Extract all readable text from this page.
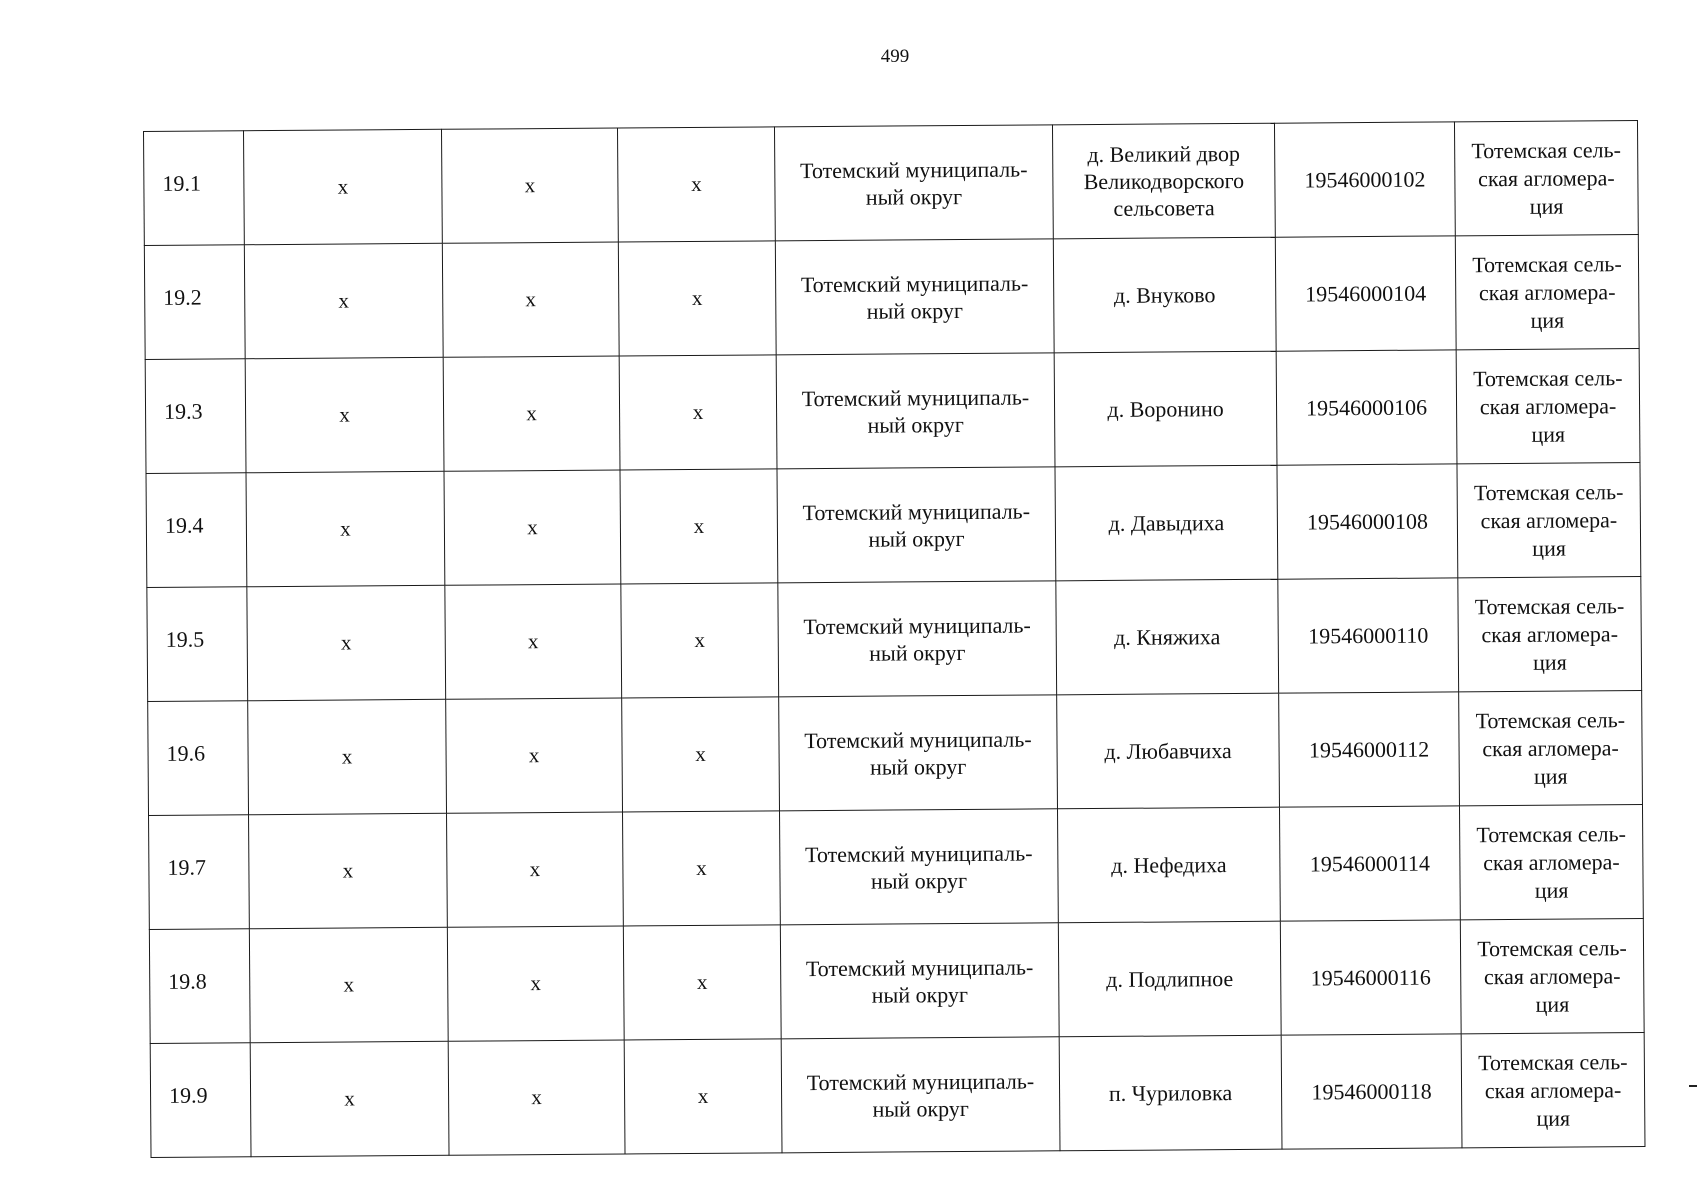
499
19.1	x	x	x	Тотемский муниципаль-
ный округ	д. Великий двор
Великодворского
сельсовета	19546000102	Тотемская сель-
ская агломера-
ция
19.2	x	x	x	Тотемский муниципаль-
ный округ	д. Внуково	19546000104	Тотемская сель-
ская агломера-
ция
19.3	x	x	x	Тотемский муниципаль-
ный округ	д. Воронино	19546000106	Тотемская сель-
ская агломера-
ция
19.4	x	x	x	Тотемский муниципаль-
ный округ	д. Давыдиха	19546000108	Тотемская сель-
ская агломера-
ция
19.5	x	x	x	Тотемский муниципаль-
ный округ	д. Княжиха	19546000110	Тотемская сель-
ская агломера-
ция
19.6	x	x	x	Тотемский муниципаль-
ный округ	д. Любавчиха	19546000112	Тотемская сель-
ская агломера-
ция
19.7	x	x	x	Тотемский муниципаль-
ный округ	д. Нефедиха	19546000114	Тотемская сель-
ская агломера-
ция
19.8	x	x	x	Тотемский муниципаль-
ный округ	д. Подлипное	19546000116	Тотемская сель-
ская агломера-
ция
19.9	x	x	x	Тотемский муниципаль-
ный округ	п. Чуриловка	19546000118	Тотемская сель-
ская агломера-
ция
